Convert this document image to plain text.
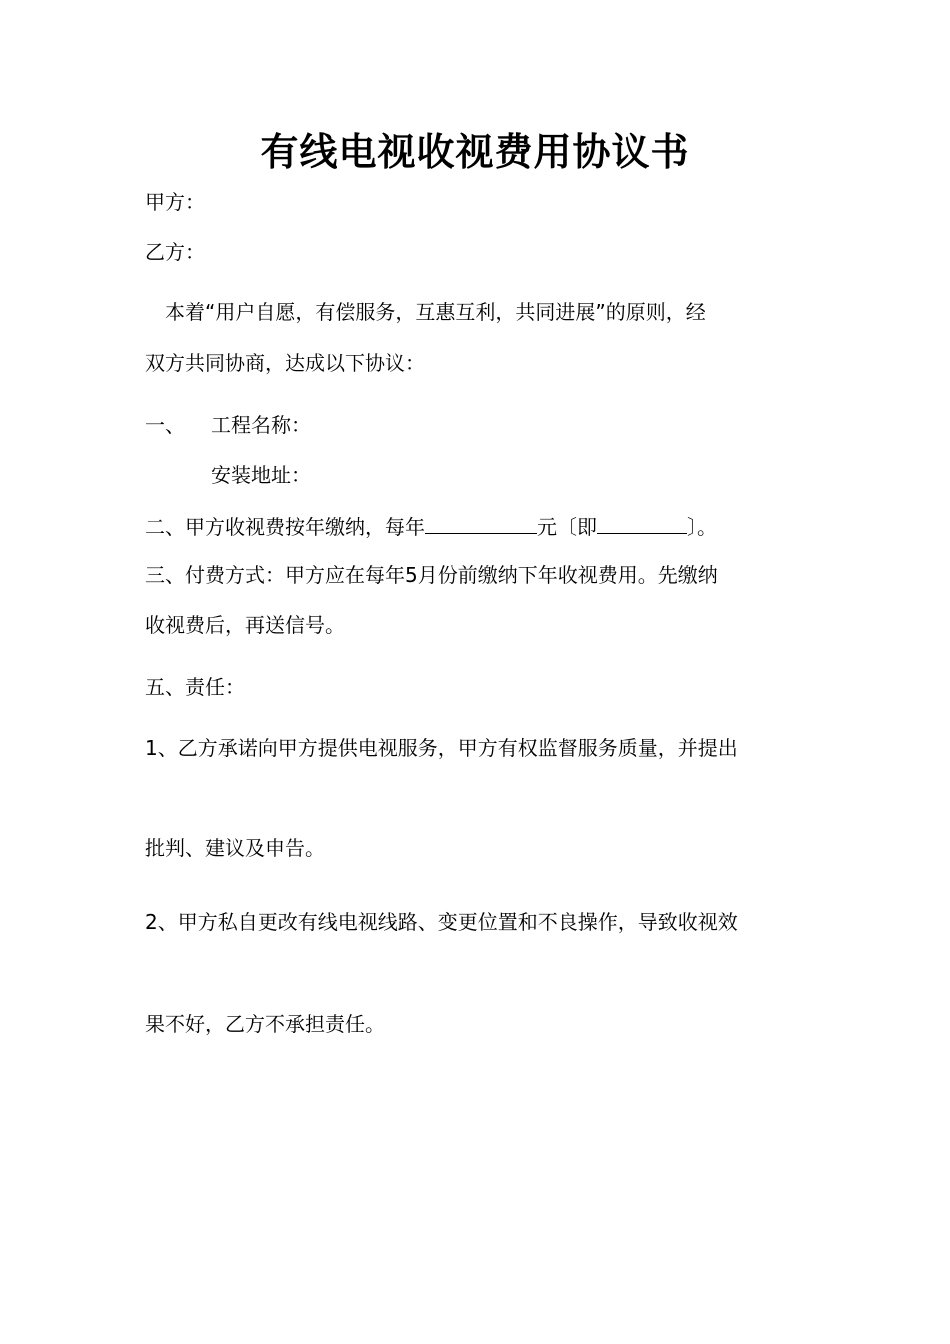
有线电视收视费用协议书
甲方：
乙方：
本着“用户自愿，有偿服务，互惠互利，共同进展”的原则，经
双方共同协商，达成以下协议：
一、 工程名称：
安装地址：
二、甲方收视费按年缴纳，每年	元〔即	〕。
三、付费方式：甲方应在每年5月份前缴纳下年收视费用。先缴纳
收视费后，再送信号。
五、责任：
1、乙方承诺向甲方提供电视服务，甲方有权监督服务质量，并提出
批判、建议及申告。
2、甲方私自更改有线电视线路、变更位置和不良操作，导致收视效
果不好，乙方不承担责任。
